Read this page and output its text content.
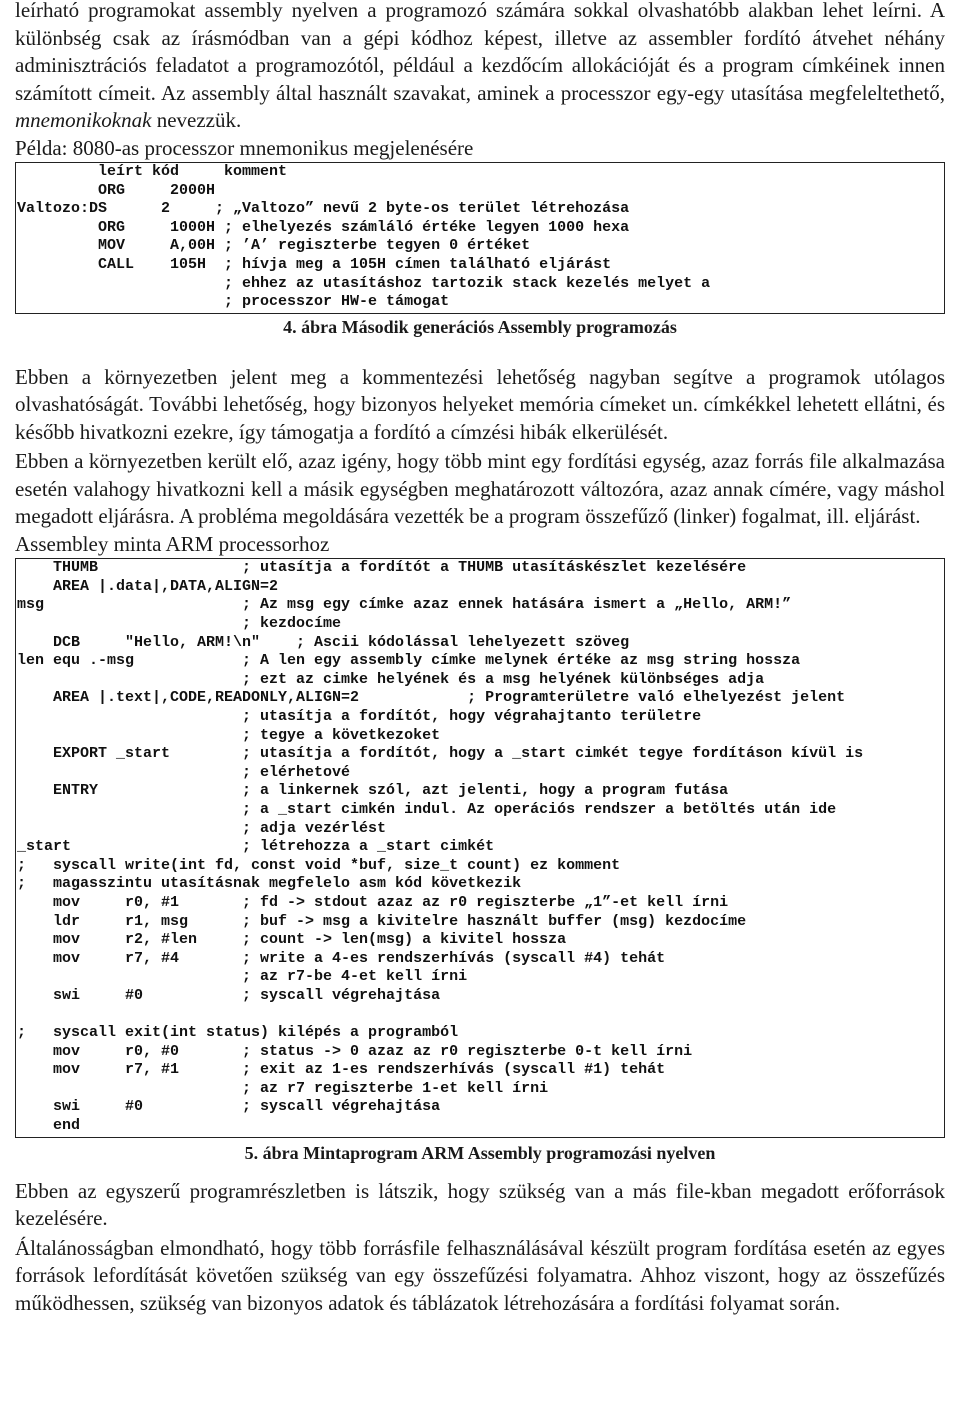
leírható programokat assembly nyelven a programozó számára sokkal olvashatóbb alakban lehet leírni. A különbség csak az írásmódban van a gépi kódhoz képest, illetve az assembler fordító átvehet néhány adminisztrációs feladatot a programozótól, például a kezdőcím allokációját és a program címkéinek innen számított címeit. Az assembly által használt szavakat, aminek a processzor egy-egy utasítása megfeleltethető, mnemonikoknak nevezzük.

Példa: 8080-as processzor mnemonikus megjelenésére

leírt kód     komment
ORG     2000H
Valtozo:DS      2     ; „Valtozo” nevű 2 byte-os terület létrehozása
ORG     1000H ; elhelyezés számláló értéke legyen 1000 hexa
MOV     A,00H ; ’A’ regiszterbe tegyen 0 értéket
CALL    105H  ; hívja meg a 105H címen található eljárást
; ehhez az utasításhoz tartozik stack kezelés melyet a
; processzor HW-e támogat
4. ábra Második generációs Assembly programozás

Ebben a környezetben jelent meg a kommentezési lehetőség nagyban segítve a programok utólagos olvashatóságát. További lehetőség, hogy bizonyos helyeket memória címeket un. címkékkel lehetett ellátni, és később hivatkozni ezekre, így támogatja a fordító a címzési hibák elkerülését.

Ebben a környezetben került elő, azaz igény, hogy több mint egy fordítási egység, azaz forrás file alkalmazása esetén valahogy hivatkozni kell a másik egységben meghatározott változóra, azaz annak címére, vagy máshol megadott eljárásra. A probléma megoldására vezették be a program összefűző (linker) fogalmat, ill. eljárást.

Assembley minta ARM processorhoz

THUMB                ; utasítja a fordítót a THUMB utasításkészlet kezelésére
AREA |.data|,DATA,ALIGN=2
msg                      ; Az msg egy címke azaz ennek hatására ismert a „Hello, ARM!”
; kezdocíme
DCB     "Hello, ARM!\n"    ; Ascii kódolással lehelyezett szöveg
len equ .-msg            ; A len egy assembly címke melynek értéke az msg string hossza
; ezt az cimke helyének és a msg helyének különbséges adja
AREA |.text|,CODE,READONLY,ALIGN=2            ; Programterületre való elhelyezést jelent
; utasítja a fordítót, hogy végrahajtanto területre
; tegye a következoket
EXPORT _start        ; utasítja a fordítót, hogy a _start cimkét tegye fordításon kívül is
; elérhetové
ENTRY                ; a linkernek szól, azt jelenti, hogy a program futása
; a _start cimkén indul. Az operációs rendszer a betöltés után ide
; adja vezérlést
_start                   ; létrehozza a _start cimkét
;   syscall write(int fd, const void *buf, size_t count) ez komment
;   magasszintu utasításnak megfelelo asm kód következik
mov     r0, #1       ; fd -> stdout azaz az r0 regiszterbe „1”-et kell írni
ldr     r1, msg      ; buf -> msg a kivitelre használt buffer (msg) kezdocíme
mov     r2, #len     ; count -> len(msg) a kivitel hossza
mov     r7, #4       ; write a 4-es rendszerhívás (syscall #4) tehát
; az r7-be 4-et kell írni
swi     #0           ; syscall végrehajtása

;   syscall exit(int status) kilépés a programból
mov     r0, #0       ; status -> 0 azaz az r0 regiszterbe 0-t kell írni
mov     r7, #1       ; exit az 1-es rendszerhívás (syscall #1) tehát
; az r7 regiszterbe 1-et kell írni
swi     #0           ; syscall végrehajtása
end
5. ábra Mintaprogram ARM Assembly programozási nyelven

Ebben az egyszerű programrészletben is látszik, hogy szükség van a más file-kban megadott erőforrások kezelésére.

Általánosságban elmondható, hogy több forrásfile felhasználásával készült program fordítása esetén az egyes források lefordítását követően szükség van egy összefűzési folyamatra. Ahhoz viszont, hogy az összefűzés működhessen, szükség van bizonyos adatok és táblázatok létrehozására a fordítási folyamat során.
